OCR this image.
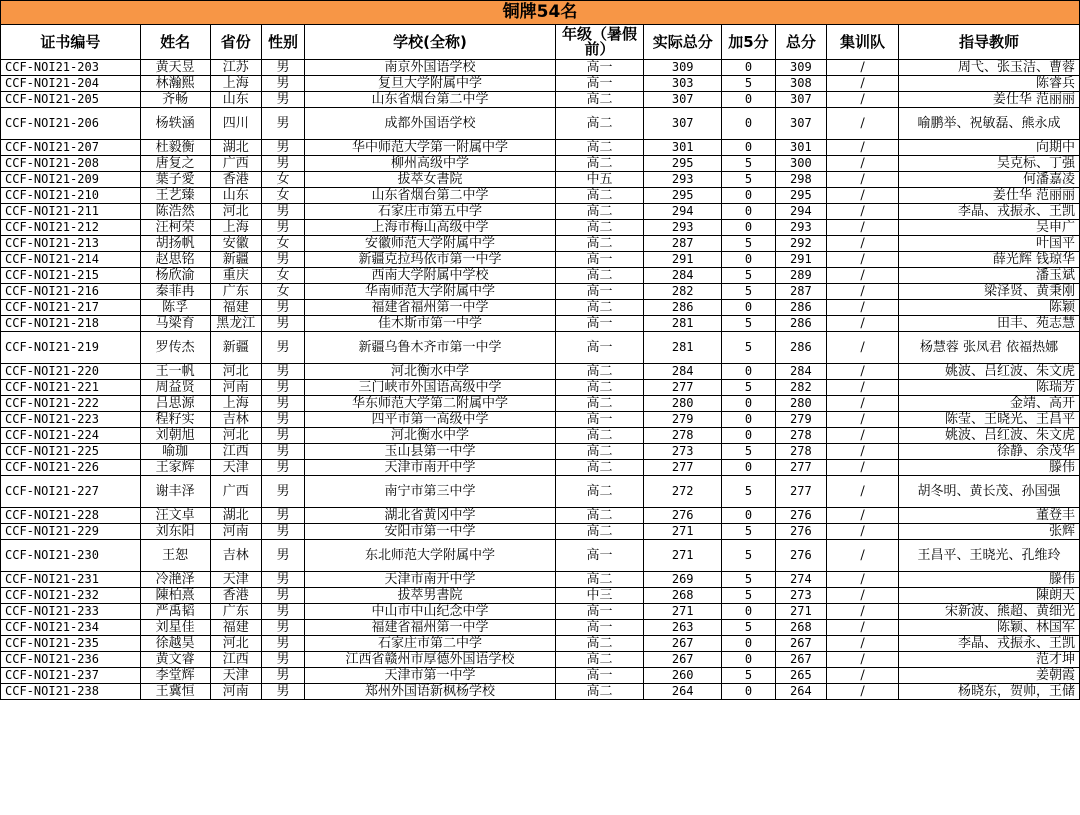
铜牌54名										
证书编号	姓名	省份	性别	学校(全称)	年级（暑假前）	实际总分	加5分	总分	集训队	指导教师
CCF-NOI21-203	黄天昱	江苏	男	南京外国语学校	高一	309	0	309	/	周弋、张玉洁、曹蓉
CCF-NOI21-204	林瀚熙	上海	男	复旦大学附属中学	高一	303	5	308	/	陈睿兵
CCF-NOI21-205	齐畅	山东	男	山东省烟台第二中学	高二	307	0	307	/	姜仕华 范丽丽
CCF-NOI21-206	杨轶涵	四川	男	成都外国语学校	高二	307	0	307	/	喻鹏举、祝敏磊、熊永成
CCF-NOI21-207	杜毅衡	湖北	男	华中师范大学第一附属中学	高二	301	0	301	/	向期中
CCF-NOI21-208	唐复之	广西	男	柳州高级中学	高二	295	5	300	/	吴克标、丁强
CCF-NOI21-209	葉子愛	香港	女	拔萃女書院	中五	293	5	298	/	何潘嘉凌
CCF-NOI21-210	王艺臻	山东	女	山东省烟台第二中学	高二	295	0	295	/	姜仕华 范丽丽
CCF-NOI21-211	陈浩然	河北	男	石家庄市第五中学	高二	294	0	294	/	李晶、戎振永、王凯
CCF-NOI21-212	汪柯荣	上海	男	上海市梅山高级中学	高二	293	0	293	/	吴申广
CCF-NOI21-213	胡扬帆	安徽	女	安徽师范大学附属中学	高二	287	5	292	/	叶国平
CCF-NOI21-214	赵思铭	新疆	男	新疆克拉玛依市第一中学	高一	291	0	291	/	薛光辉 钱琼华
CCF-NOI21-215	杨欣渝	重庆	女	西南大学附属中学校	高二	284	5	289	/	潘玉斌
CCF-NOI21-216	秦菲冉	广东	女	华南师范大学附属中学	高一	282	5	287	/	梁泽贤、黄秉刚
CCF-NOI21-217	陈孚	福建	男	福建省福州第一中学	高二	286	0	286	/	陈颖
CCF-NOI21-218	马梁育	黑龙江	男	佳木斯市第一中学	高一	281	5	286	/	田丰、苑志慧
CCF-NOI21-219	罗传杰	新疆	男	新疆乌鲁木齐市第一中学	高一	281	5	286	/	杨慧蓉 张凤君 依福热娜
CCF-NOI21-220	王一帆	河北	男	河北衡水中学	高二	284	0	284	/	姚波、吕红波、朱文虎
CCF-NOI21-221	周益贤	河南	男	三门峡市外国语高级中学	高二	277	5	282	/	陈瑞芳
CCF-NOI21-222	吕思源	上海	男	华东师范大学第二附属中学	高二	280	0	280	/	金靖、高开
CCF-NOI21-223	程籽实	吉林	男	四平市第一高级中学	高一	279	0	279	/	陈莹、王晓光、王昌平
CCF-NOI21-224	刘朝旭	河北	男	河北衡水中学	高二	278	0	278	/	姚波、吕红波、朱文虎
CCF-NOI21-225	喻珈	江西	男	玉山县第一中学	高二	273	5	278	/	徐静、余茂华
CCF-NOI21-226	王家辉	天津	男	天津市南开中学	高二	277	0	277	/	滕伟
CCF-NOI21-227	谢丰泽	广西	男	南宁市第三中学	高二	272	5	277	/	胡冬明、黄长茂、孙国强
CCF-NOI21-228	汪文卓	湖北	男	湖北省黄冈中学	高二	276	0	276	/	董登丰
CCF-NOI21-229	刘东阳	河南	男	安阳市第一中学	高二	271	5	276	/	张辉
CCF-NOI21-230	王恕	吉林	男	东北师范大学附属中学	高一	271	5	276	/	王昌平、王晓光、孔维玲
CCF-NOI21-231	冷滟泽	天津	男	天津市南开中学	高二	269	5	274	/	滕伟
CCF-NOI21-232	陳柏熹	香港	男	拔萃男書院	中三	268	5	273	/	陳朗天
CCF-NOI21-233	严禹韬	广东	男	中山市中山纪念中学	高一	271	0	271	/	宋新波、熊超、黄细光
CCF-NOI21-234	刘星佳	福建	男	福建省福州第一中学	高一	263	5	268	/	陈颖、林国军
CCF-NOI21-235	徐越昊	河北	男	石家庄市第二中学	高二	267	0	267	/	李晶、戎振永、王凯
CCF-NOI21-236	黄文睿	江西	男	江西省赣州市厚德外国语学校	高二	267	0	267	/	范才坤
CCF-NOI21-237	李堂辉	天津	男	天津市第一中学	高一	260	5	265	/	姜朝霞
CCF-NOI21-238	王冀恒	河南	男	郑州外国语新枫杨学校	高二	264	0	264	/	杨晓东，贺帅，王储
